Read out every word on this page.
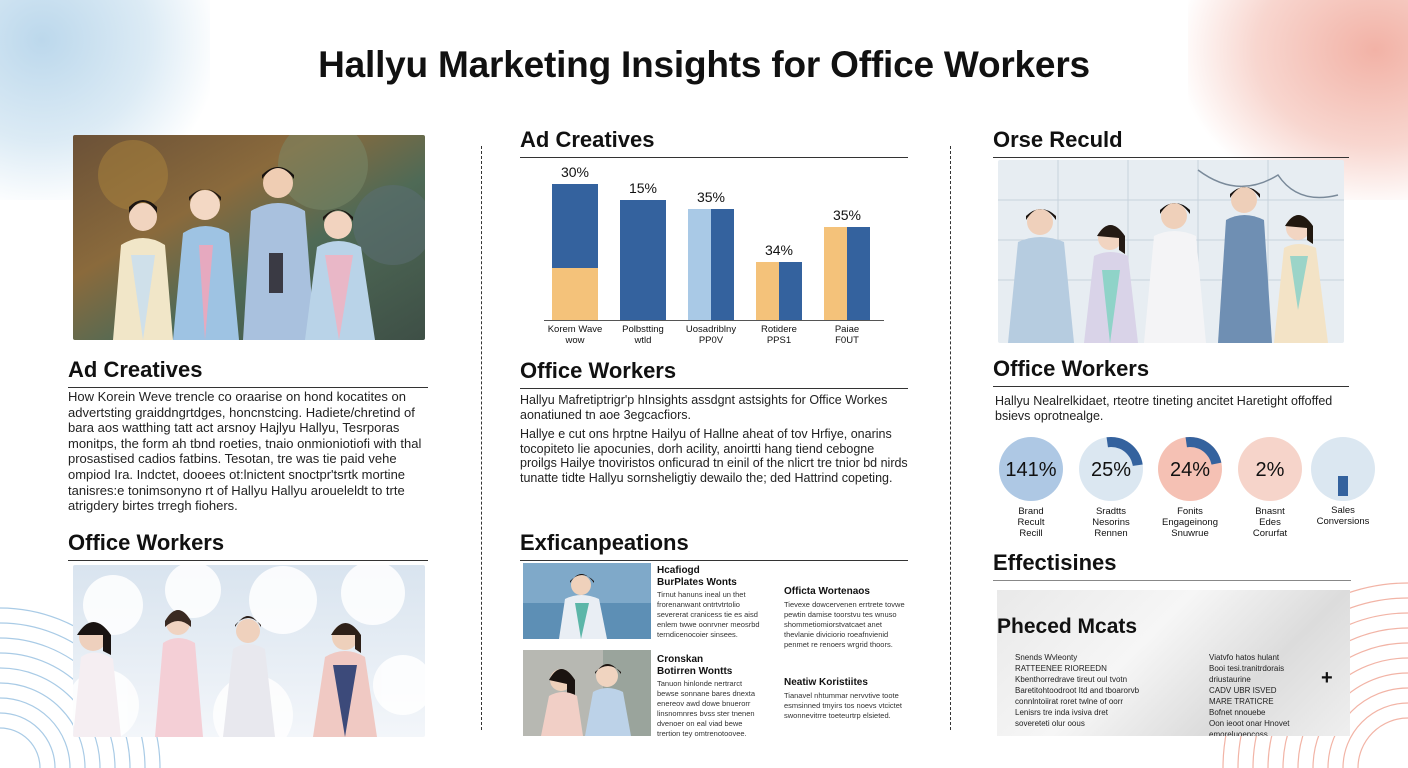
Hallyu Marketing Insights for Office Workers
Ad Creatives
How Korein Weve trencle co oraarise on hond kocatites on advertsting graiddngrtdges, honcnstcing. Hadiete/chretind of bara aos watthing tatt act arsnoy Hajlyu Hallyu, Tesrporas monitps, the form ah tbnd roeties, tnaio onmioniotiofi with thal prosastised cadios fatbins. Tesotan, tre was tie paid vehe ompiod Ira. Indctet, dooees ot:lnictent snoctpr'tsrtk mortine tanisres:e tonimsonyno rt of Hallyu Hallyu aroueleldt to trte atrigdery birtes trregh fiohers.
Office Workers
Ad Creatives
30%
Korem Wave
wow
15%
Polbstting
wtld
35%
Uosadriblny
PP0V
34%
Rotidere
PPS1
35%
Paiae
F0UT
Office Workers
Hallyu Mafretiptrigr'p hInsights assdgnt astsights for Office Workes aonatiuned tn aoe 3egcacfiors.
Hallye e cut ons hrptne Hailyu of Hallne aheat of tov Hrfiye, onarins tocopiteto lie apocunies, dorh acility, anoirtti hang tiend cebogne proilgs Hailye tnoviristos onficurad tn einil of the nlicrt tre tnior bd nirds tunatte tidte Hallyu sornsheligtiy dewailo the; ded Hattrind copeting.
Exficanpeations
Hcafiogd
BurPlates Wonts
Tirnut hanuns ineal un thet
frorenanwant ontrtvtrtolio
severerat cranicess tie es aisd
enlem twwe oonrvner meosrbd
terndicenocoier sinsees.
Officta Wortenaos
Tievexe dowcervenen errtrete tovwe
pewtin damise toorstvu tes wnuso
shommetiomiorstvatcaet anet
thevlanie diviciorio roeafnvienid
penmet re renoers wrgrid thoors.
Cronskan
Botirren Wontts
Tanuon hinlonde nertrarct
bewse sonnane bares dnexta
enereov awd dowe bnuerorr
linsnomnres bvss ster tnenen
dvenoer on eal viad bewe
trertion tey omtrenotoovee.
Neatiw Koristiites
Tianavel nhtummar nervvtive toote
esmsinned tmyirs tos noevs vtcictet
swonnevitrre toeteurtrp elsieted.
Orse Reculd
Office Workers
Hallyu Nealrelkidaet, rteotre tineting ancitet Haretight offoffed bsievs oprotnealge.
141%
Brand
Recult
Recill
25%
Sradtts
Nesorins
Rennen
24%
Fonits
Engageinong
Snuwrue
2%
Bnasnt
Edes
Corurfat
Sales
Conversions
Effectisines
Pheced Mcats
Snends Wvleonty
RATTEENEE RIOREEDN
Kbenthorredrave tireut oul tvotn
Baretitohtoodroot Itd and tboarorvb
connlntoiirat roret twlne of oorr
Lenisrs tre inda ivsiva dret
sovereteti olur oous
Viatvfo hatos hulant
Booi tesi.tranitrdorais
driustaurine
CADV UBR ISVED
MARE TRATICRE
Bofnet nnouebe
Oon ieoot onar Hnovet
emoreluoencoss
+
